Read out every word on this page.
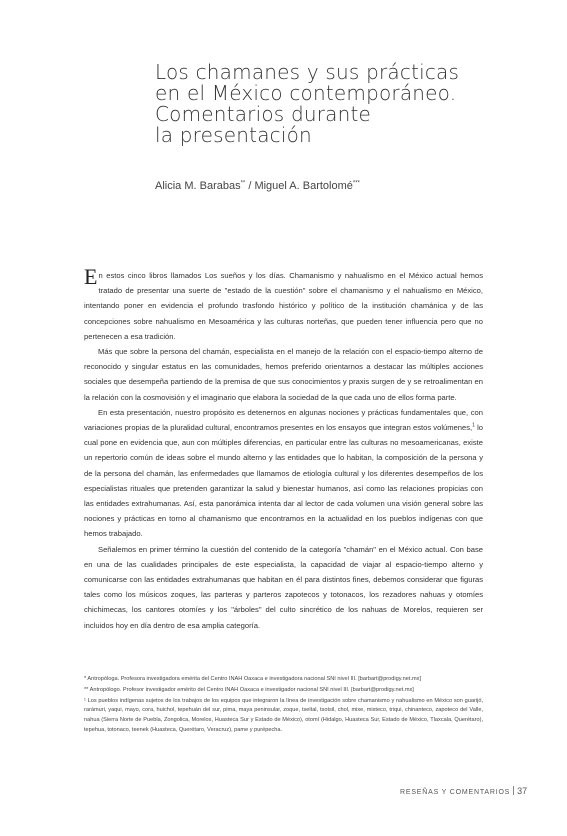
Los chamanes y sus prácticas
en el México contemporáneo.
Comentarios durante
la presentación
Alicia M. Barabas** / Miguel A. Bartolomé***

En estos cinco libros llamados Los sueños y los días. Chamanismo y nahualismo en el México actual hemos tratado de presentar una suerte de "estado de la cuestión" sobre el chamanismo y el nahualismo en México, intentando poner en evidencia el profundo trasfondo histórico y político de la institución chamánica y de las concepciones sobre nahualismo en Mesoamérica y las culturas norteñas, que pueden tener influencia pero que no pertenecen a esa tradición.

Más que sobre la persona del chamán, especialista en el manejo de la relación con el espacio-tiempo alterno de reconocido y singular estatus en las comunidades, hemos preferido orientarnos a destacar las múltiples acciones sociales que desempeña partiendo de la premisa de que sus conocimientos y praxis surgen de y se retroalimentan en la relación con la cosmovisión y el imaginario que elabora la sociedad de la que cada uno de ellos forma parte.

En esta presentación, nuestro propósito es detenernos en algunas nociones y prácticas fundamentales que, con variaciones propias de la pluralidad cultural, encontramos presentes en los ensayos que integran estos volúmenes,$^1$ lo cual pone en evidencia que, aun con múltiples diferencias, en particular entre las culturas no mesoamericanas, existe un repertorio común de ideas sobre el mundo alterno y las entidades que lo habitan, la composición de la persona y de la persona del chamán, las enfermedades que llamamos de etiología cultural y los diferentes desempeños de los especialistas rituales que pretenden garantizar la salud y bienestar humanos, así como las relaciones propicias con las entidades extrahumanas. Así, esta panorámica intenta dar al lector de cada volumen una visión general sobre las nociones y prácticas en torno al chamanismo que encontramos en la actualidad en los pueblos indígenas con que hemos trabajado.

Señalemos en primer término la cuestión del contenido de la categoría "chamán" en el México actual. Con base en una de las cualidades principales de este especialista, la capacidad de viajar al espacio-tiempo alterno y comunicarse con las entidades extrahumanas que habitan en él para distintos fines, debemos considerar que figuras tales como los músicos zoques, las parteras y parteros zapotecos y totonacos, los rezadores nahuas y otomíes chichimecas, los cantores otomíes y los "árboles" del culto sincrético de los nahuas de Morelos, requieren ser incluidos hoy en día dentro de esa amplia categoría.

* Antropóloga. Profesora investigadora emérita del Centro INAH Oaxaca e investigadora nacional SNI nivel III. [barbart@prodigy.net.mx]

** Antropólogo. Profesor investigador emérito del Centro INAH Oaxaca e investigador nacional SNI nivel III. [barbart@prodigy.net.mx]

¹ Los pueblos indígenas sujetos de los trabajos de los equipos que integraron la línea de investigación sobre chamanismo y nahualismo en México son guarijó, rarámuri, yaqui, mayo, cora, huichol, tepehuán del sur, pima, maya peninsular, zoque, tseltal, tsotsil, chol, mixe, mixteco, triqui, chinanteco, zapoteco del Valle, nahua (Sierra Norte de Puebla, Zongolica, Morelos, Huasteca Sur y Estado de México), otomí (Hidalgo, Huasteca Sur, Estado de México, Tlaxcala, Querétaro), tepehua, totonaco, teenek (Huasteca, Querétaro, Veracruz), pame y purépecha.

RESEÑAS Y COMENTARIOS 37
